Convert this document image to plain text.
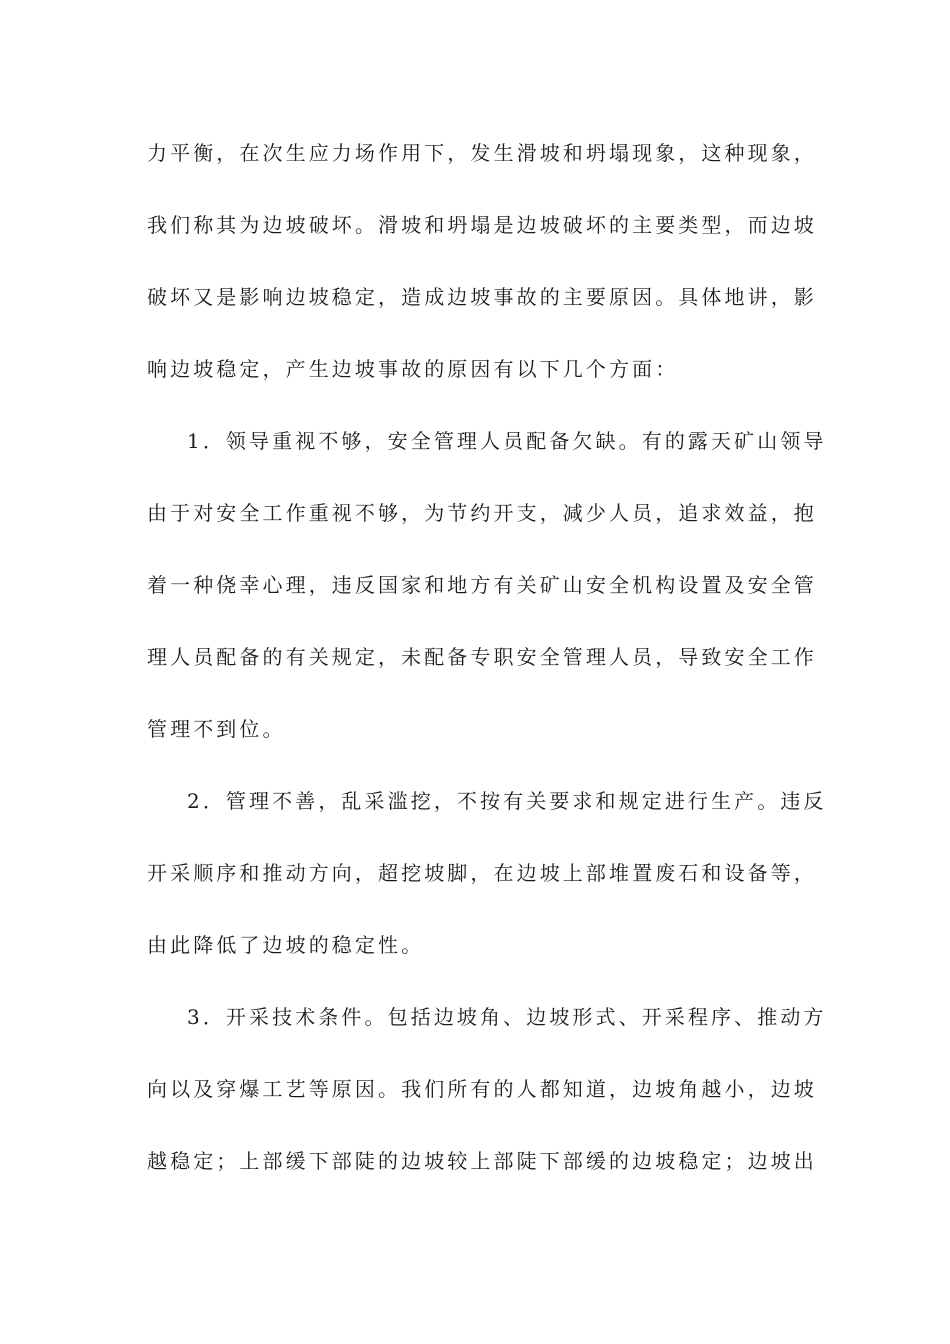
力平衡，在次生应力场作用下，发生滑坡和坍塌现象，这种现象，
我们称其为边坡破坏。滑坡和坍塌是边坡破坏的主要类型，而边坡
破坏又是影响边坡稳定，造成边坡事故的主要原因。具体地讲，影
响边坡稳定，产生边坡事故的原因有以下几个方面：
1．领导重视不够，安全管理人员配备欠缺。有的露天矿山领导
由于对安全工作重视不够，为节约开支，减少人员，追求效益，抱
着一种侥幸心理，违反国家和地方有关矿山安全机构设置及安全管
理人员配备的有关规定，未配备专职安全管理人员，导致安全工作
管理不到位。
2．管理不善，乱采滥挖，不按有关要求和规定进行生产。违反
开采顺序和推动方向，超挖坡脚，在边坡上部堆置废石和设备等，
由此降低了边坡的稳定性。
3．开采技术条件。包括边坡角、边坡形式、开采程序、推动方
向以及穿爆工艺等原因。我们所有的人都知道，边坡角越小，边坡
越稳定；上部缓下部陡的边坡较上部陡下部缓的边坡稳定；边坡出
